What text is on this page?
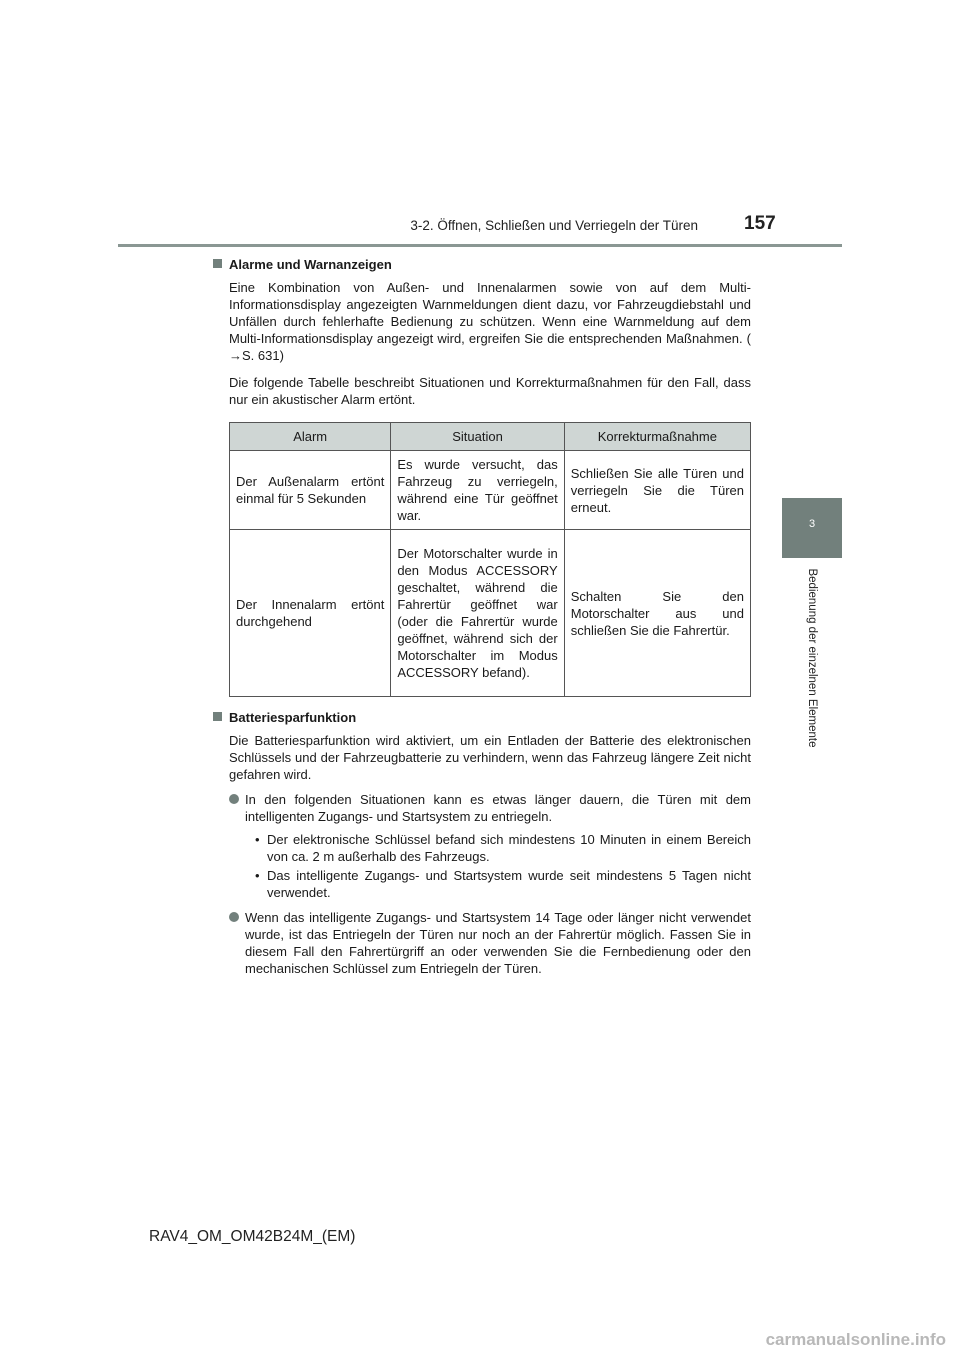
3-2. Öffnen, Schließen und Verriegeln der Türen 157
3
Bedienung der einzelnen Elemente

Alarme und Warnanzeigen

Eine Kombination von Außen- und Innenalarmen sowie von auf dem Multi-Informationsdisplay angezeigten Warnmeldungen dient dazu, vor Fahrzeugdiebstahl und Unfällen durch fehlerhafte Bedienung zu schützen. Wenn eine Warnmeldung auf dem Multi-Informationsdisplay angezeigt wird, ergreifen Sie die entsprechenden Maßnahmen. (→S. 631)

Die folgende Tabelle beschreibt Situationen und Korrekturmaßnahmen für den Fall, dass nur ein akustischer Alarm ertönt.

Alarm	Situation	Korrekturmaßnahme
Der Außenalarm ertönt einmal für 5 Sekunden	Es wurde versucht, das Fahrzeug zu verriegeln, während eine Tür geöffnet war.	Schließen Sie alle Türen und verriegeln Sie die Türen erneut.
Der Innenalarm ertönt durchgehend	Der Motorschalter wurde in den Modus ACCESSORY geschaltet, während die Fahrertür geöffnet war (oder die Fahrertür wurde geöffnet, während sich der Motorschalter im Modus ACCESSORY befand).	Schalten Sie den Motorschalter aus und schließen Sie die Fahrertür.

Batteriesparfunktion

Die Batteriesparfunktion wird aktiviert, um ein Entladen der Batterie des elektronischen Schlüssels und der Fahrzeugbatterie zu verhindern, wenn das Fahrzeug längere Zeit nicht gefahren wird.

In den folgenden Situationen kann es etwas länger dauern, die Türen mit dem intelligenten Zugangs- und Startsystem zu entriegeln.
• Der elektronische Schlüssel befand sich mindestens 10 Minuten in einem Bereich von ca. 2 m außerhalb des Fahrzeugs.
• Das intelligente Zugangs- und Startsystem wurde seit mindestens 5 Tagen nicht verwendet.
Wenn das intelligente Zugangs- und Startsystem 14 Tage oder länger nicht verwendet wurde, ist das Entriegeln der Türen nur noch an der Fahrertür möglich. Fassen Sie in diesem Fall den Fahrertürgriff an oder verwenden Sie die Fernbedienung oder den mechanischen Schlüssel zum Entriegeln der Türen.
RAV4_OM_OM42B24M_(EM)
carmanualsonline.info
